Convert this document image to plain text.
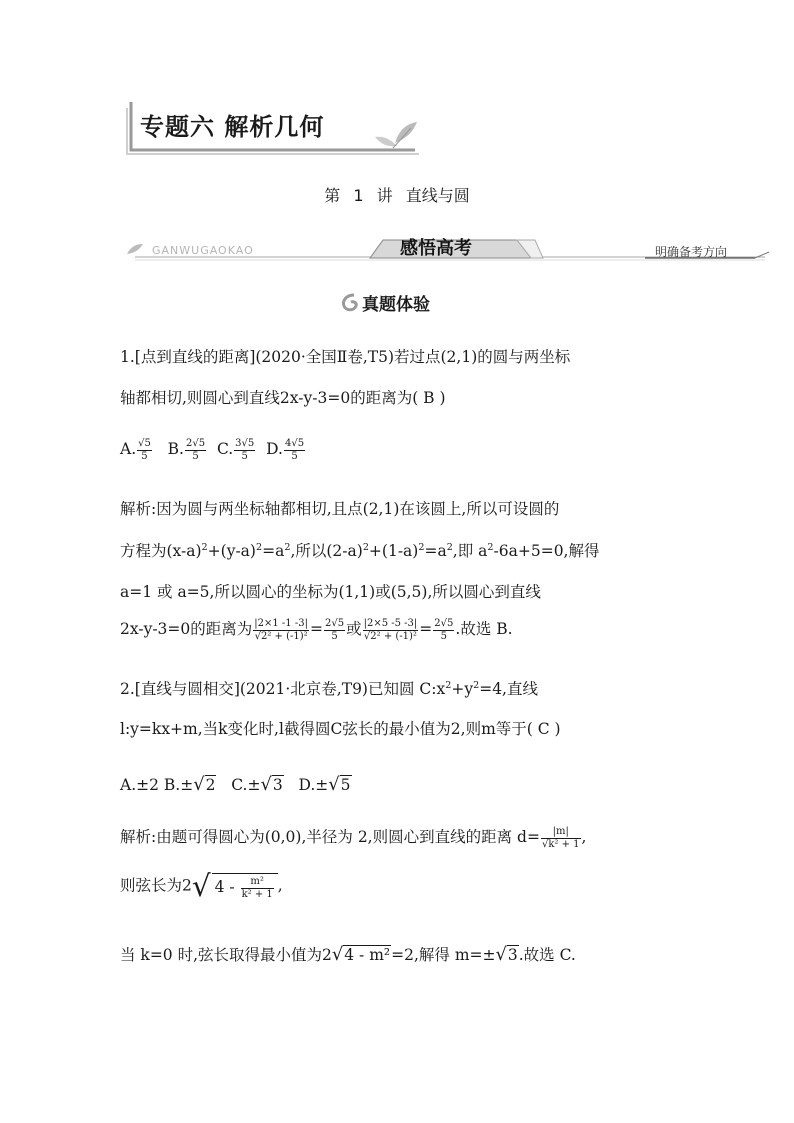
专题六 解析几何
第 1 讲 直线与圆
GANWUGAOKAO	感悟高考	明确备考方向
真题体验
1.[点到直线的距离](2020·全国Ⅱ卷,T5)若过点(2,1)的圆与两坐标
轴都相切,则圆心到直线2x-y-3=0的距离为( B )
A. $\frac{√5}{5} B$. $\frac{2√5}{5} C$. $\frac{3√5}{5} D$. $\frac{4√5}{5}$
解析:因为圆与两坐标轴都相切,且点(2,1)在该圆上,所以可设圆的
方程为$(x-a)^2+(y-a)^2=a^2$,所以$(2-a)^2+(1-a)^2=a^2$,即 $a^2-6a+5=0$,解得
a=1 或 a=5,所以圆心的坐标为(1,1)或(5,5),所以圆心到直线
2x-y-3=0的距离为 $\frac{|2\times 1 -1 -3|}{\text{√2² + (-1)²}} = \frac{2√5}{5}$ 或 $\frac{|2\times 5 -5 -3|}{\text{√2² + (-1)²}} = \frac{2√5}{5}$ .故选 B.
2.[直线与圆相交](2021·北京卷,T9)已知圆 $C:x^2+y^2=4$,直线
l:y=kx+m,当k变化时,l截得圆C弦长的最小值为2,则m等于( C )
A.±2 B.±√2 C.±√3 D.±√5
解析:由题可得圆心为(0,0),半径为 2,则圆心到直线的距离 $d= \frac{|m|}{\text{√k² + 1}}$ ,
则弦长为2√ $4 - \frac{\text{m²}}{\text{k² + 1}}$ ,
当 k=0 时,弦长取得最小值为2√4 - m²=2,解得 m=±√3.故选 C.
